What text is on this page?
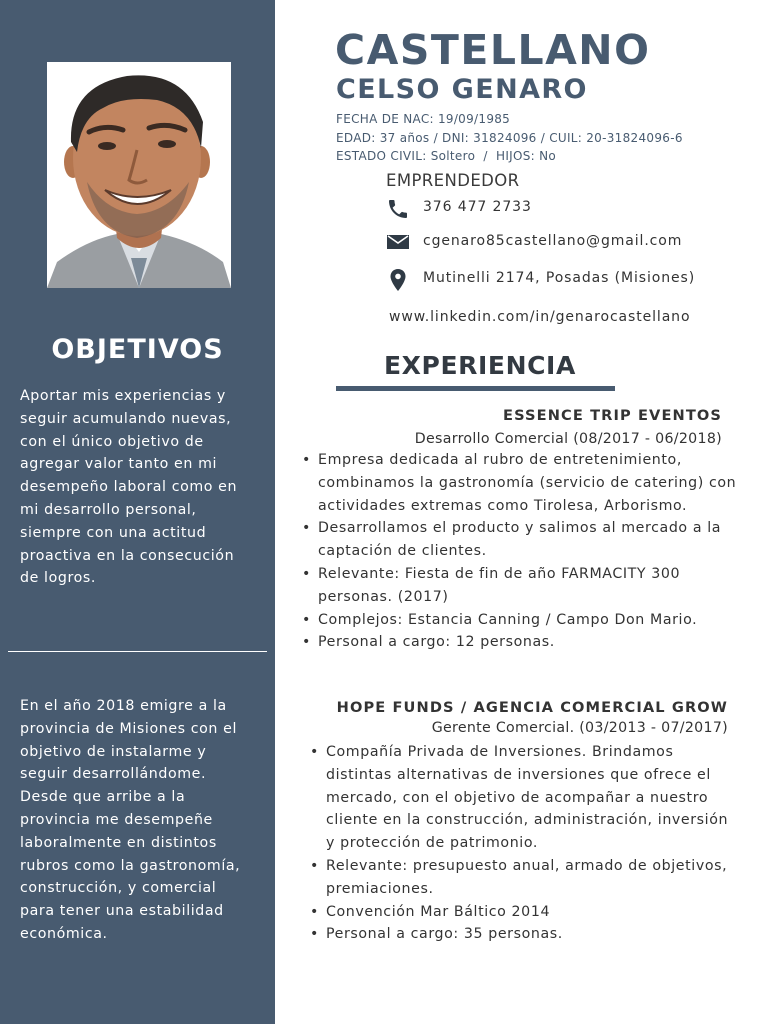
OBJETIVOS
Aportar mis experiencias y
seguir acumulando nuevas,
con el único objetivo de
agregar valor tanto en mi
desempeño laboral como en
mi desarrollo personal,
siempre con una actitud
proactiva en la consecución
de logros.
En el año 2018 emigre a la
provincia de Misiones con el
objetivo de instalarme y
seguir desarrollándome.
Desde que arribe a la
provincia me desempeñe
laboralmente en distintos
rubros como la gastronomía,
construcción, y comercial
para tener una estabilidad
económica.
CASTELLANO
CELSO GENARO
FECHA DE NAC: 19/09/1985
EDAD: 37 años / DNI: 31824096 / CUIL: 20-31824096-6
ESTADO CIVIL: Soltero  /  HIJOS: No
EMPRENDEDOR
376 477 2733
cgenaro85castellano@gmail.com
Mutinelli 2174, Posadas (Misiones)
www.linkedin.com/in/genarocastellano
EXPERIENCIA
ESSENCE TRIP EVENTOS
Desarrollo Comercial (08/2017 - 06/2018)
• Empresa dedicada al rubro de entretenimiento, combinamos la gastronomía (servicio de catering) con actividades extremas como Tirolesa, Arborismo.
• Desarrollamos el producto y salimos al mercado a la captación de clientes.
• Relevante: Fiesta de fin de año FARMACITY 300 personas. (2017)
• Complejos: Estancia Canning / Campo Don Mario.
• Personal a cargo: 12 personas.
HOPE FUNDS / AGENCIA COMERCIAL GROW
Gerente Comercial. (03/2013 - 07/2017)
• Compañía Privada de Inversiones. Brindamos distintas alternativas de inversiones que ofrece el mercado, con el objetivo de acompañar a nuestro cliente en la construcción, administración, inversión y protección de patrimonio.
• Relevante: presupuesto anual, armado de objetivos, premiaciones.
• Convención Mar Báltico 2014
• Personal a cargo: 35 personas.
